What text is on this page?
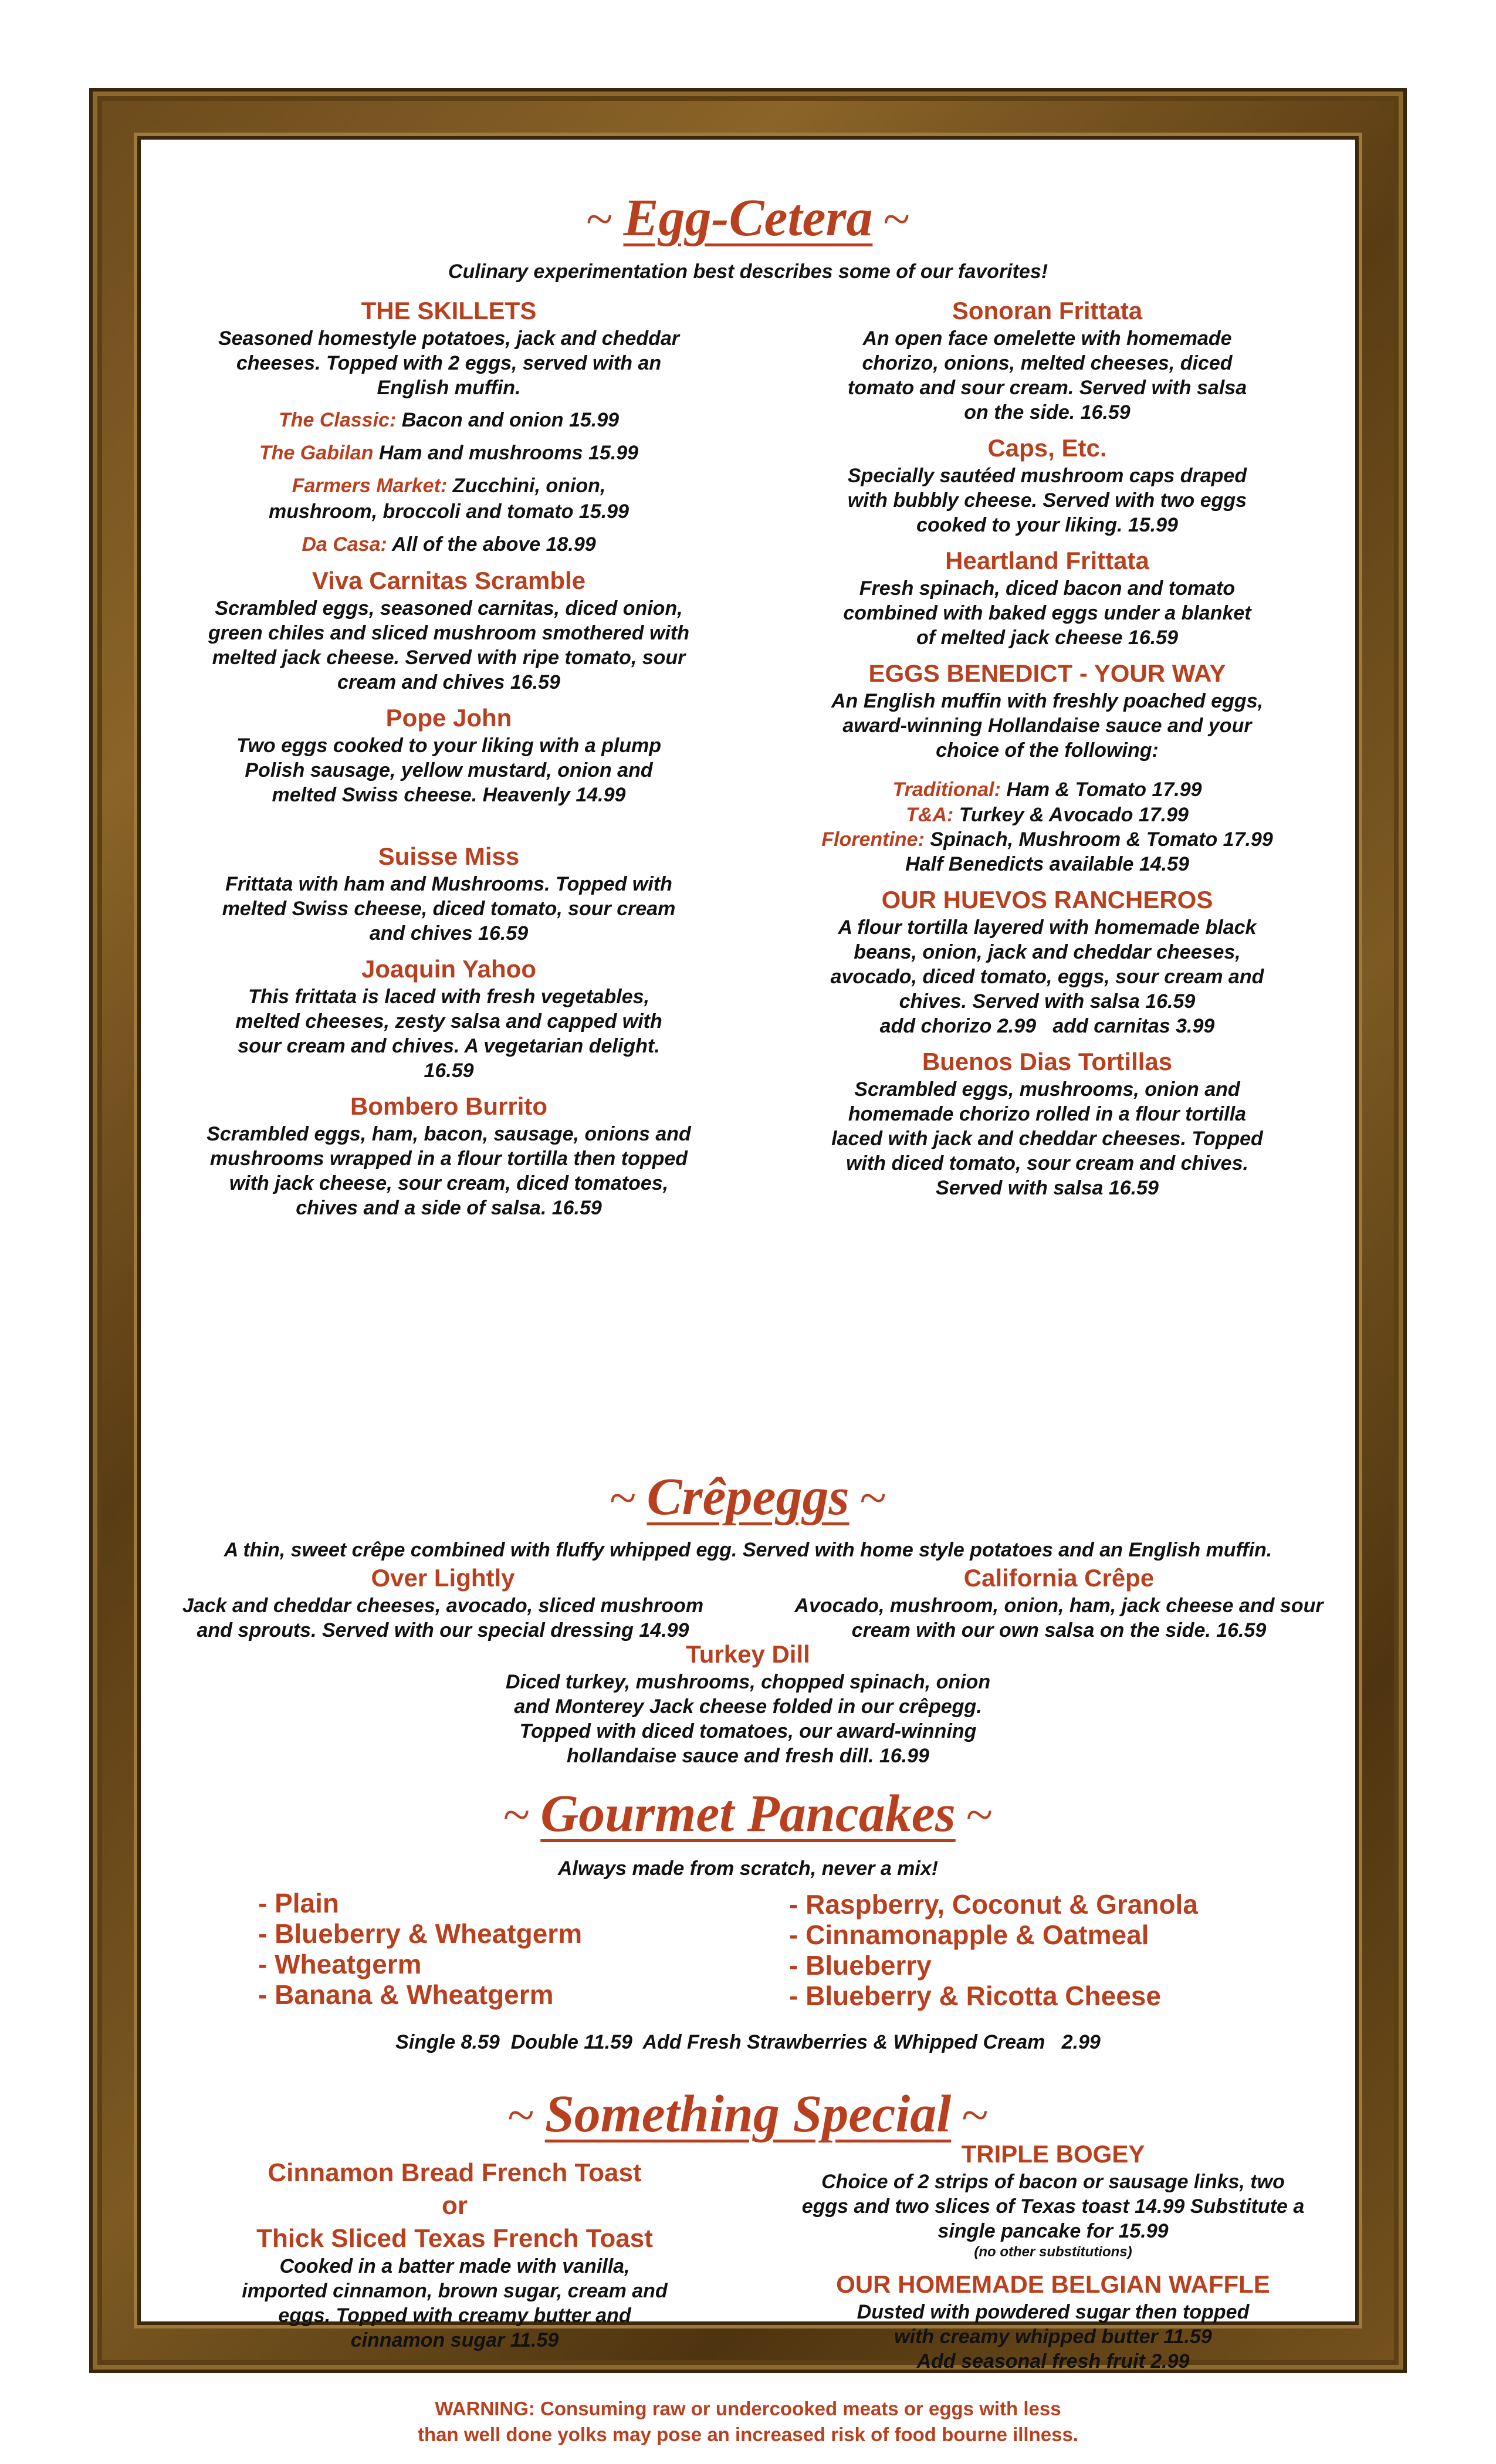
~ Egg-Cetera ~
Culinary experimentation best describes some of our favorites!
THE SKILLETS
Seasoned homestyle potatoes, jack and cheddar cheeses. Topped with 2 eggs, served with an English muffin.
The Classic: Bacon and onion 15.99
The Gabilan Ham and mushrooms 15.99
Farmers Market: Zucchini, onion, mushroom, broccoli and tomato 15.99
Da Casa: All of the above 18.99
Viva Carnitas Scramble
Scrambled eggs, seasoned carnitas, diced onion, green chiles and sliced mushroom smothered with melted jack cheese. Served with ripe tomato, sour cream and chives 16.59
Pope John
Two eggs cooked to your liking with a plump Polish sausage, yellow mustard, onion and melted Swiss cheese. Heavenly 14.99
Suisse Miss
Frittata with ham and Mushrooms. Topped with melted Swiss cheese, diced tomato, sour cream and chives 16.59
Joaquin Yahoo
This frittata is laced with fresh vegetables, melted cheeses, zesty salsa and capped with sour cream and chives. A vegetarian delight. 16.59
Bombero Burrito
Scrambled eggs, ham, bacon, sausage, onions and mushrooms wrapped in a flour tortilla then topped with jack cheese, sour cream, diced tomatoes, chives and a side of salsa. 16.59
Sonoran Frittata
An open face omelette with homemade chorizo, onions, melted cheeses, diced tomato and sour cream. Served with salsa on the side. 16.59
Caps, Etc.
Specially sautéed mushroom caps draped with bubbly cheese. Served with two eggs cooked to your liking. 15.99
Heartland Frittata
Fresh spinach, diced bacon and tomato combined with baked eggs under a blanket of melted jack cheese 16.59
EGGS BENEDICT - YOUR WAY
An English muffin with freshly poached eggs, award-winning Hollandaise sauce and your choice of the following:
Traditional: Ham & Tomato 17.99
T&A: Turkey & Avocado 17.99
Florentine: Spinach, Mushroom & Tomato 17.99
Half Benedicts available 14.59
OUR HUEVOS RANCHEROS
A flour tortilla layered with homemade black beans, onion, jack and cheddar cheeses, avocado, diced tomato, eggs, sour cream and chives. Served with salsa 16.59
add chorizo 2.99   add carnitas 3.99
Buenos Dias Tortillas
Scrambled eggs, mushrooms, onion and homemade chorizo rolled in a flour tortilla laced with jack and cheddar cheeses. Topped with diced tomato, sour cream and chives. Served with salsa 16.59
~ Crêpeggs ~
A thin, sweet crêpe combined with fluffy whipped egg. Served with home style potatoes and an English muffin.
Over Lightly
Jack and cheddar cheeses, avocado, sliced mushroom and sprouts. Served with our special dressing 14.99
California Crêpe
Avocado, mushroom, onion, ham, jack cheese and sour cream with our own salsa on the side. 16.59
Turkey Dill
Diced turkey, mushrooms, chopped spinach, onion and Monterey Jack cheese folded in our crêpegg. Topped with diced tomatoes, our award-winning hollandaise sauce and fresh dill. 16.99
~ Gourmet Pancakes ~
Always made from scratch, never a mix!
- Plain
- Blueberry & Wheatgerm
- Wheatgerm
- Banana & Wheatgerm
- Raspberry, Coconut & Granola
- Cinnamonapple & Oatmeal
- Blueberry
- Blueberry & Ricotta Cheese
Single 8.59  Double 11.59  Add Fresh Strawberries & Whipped Cream   2.99
~ Something Special ~
Cinnamon Bread French Toast
or
Thick Sliced Texas French Toast
Cooked in a batter made with vanilla, imported cinnamon, brown sugar, cream and eggs. Topped with creamy butter and cinnamon sugar 11.59
TRIPLE BOGEY
Choice of 2 strips of bacon or sausage links, two eggs and two slices of Texas toast 14.99 Substitute a single pancake for 15.99
(no other substitutions)
OUR HOMEMADE BELGIAN WAFFLE
Dusted with powdered sugar then topped with creamy whipped butter 11.59
Add seasonal fresh fruit 2.99
WARNING: Consuming raw or undercooked meats or eggs with less than well done yolks may pose an increased risk of food bourne illness.
